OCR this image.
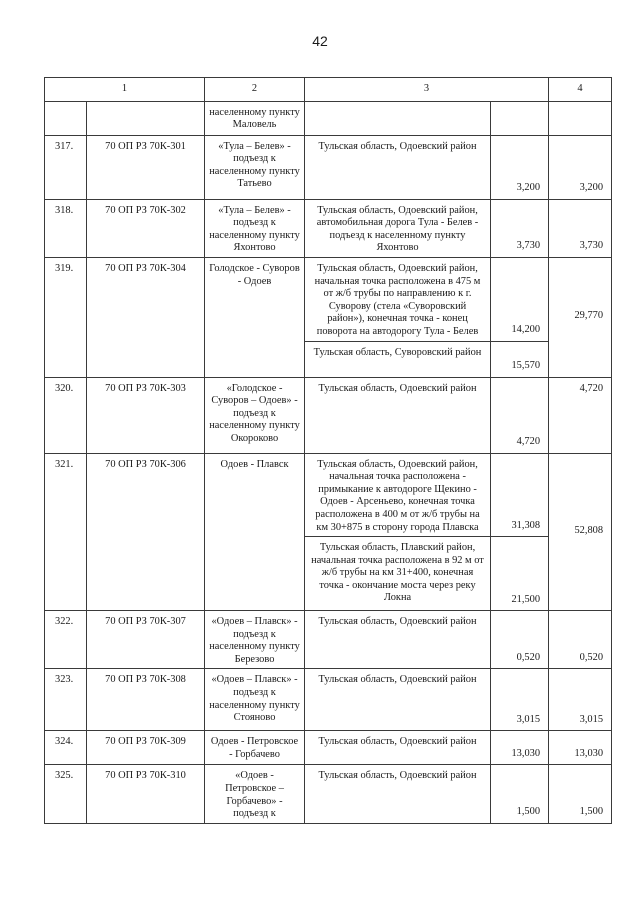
42
1		2	3		4
		населенному пункту Маловель			
317.	70 ОП РЗ 70К-301	«Тула – Белев» - подъезд к населенному пункту Татьево	Тульская область, Одоевский район	3,200	3,200
318.	70 ОП РЗ 70К-302	«Тула – Белев» - подъезд к населенному пункту Яхонтово	Тульская область, Одоевский район, автомобильная дорога Тула - Белев - подъезд к населенному пункту Яхонтово	3,730	3,730
319.	70 ОП РЗ 70К-304	Голодское - Суворов - Одоев	Тульская область, Одоевский район, начальная точка расположена в 475 м от ж/б трубы по направлению к г. Суворову (стела «Суворовский район»), конечная точка - конец поворота на автодорогу Тула - Белев	14,200	29,770
			Тульская область, Суворовский район	15,570	
320.	70 ОП РЗ 70К-303	«Голодское - Суворов – Одоев» - подъезд к населенному пункту Окороково	Тульская область, Одоевский район	4,720	4,720
321.	70 ОП РЗ 70К-306	Одоев - Плавск	Тульская область, Одоевский район, начальная точка расположена - примыкание к автодороге Щекино - Одоев - Арсеньево, конечная точка расположена в 400 м от ж/б трубы на км 30+875 в сторону города Плавска	31,308	52,808
			Тульская область, Плавский район, начальная точка расположена в 92 м от ж/б трубы на км 31+400, конечная точка - окончание моста через реку Локна	21,500	
322.	70 ОП РЗ 70К-307	«Одоев – Плавск» - подъезд к населенному пункту Березово	Тульская область, Одоевский район	0,520	0,520
323.	70 ОП РЗ 70К-308	«Одоев – Плавск» - подъезд к населенному пункту Стояново	Тульская область, Одоевский район	3,015	3,015
324.	70 ОП РЗ 70К-309	Одоев - Петровское - Горбачево	Тульская область, Одоевский район	13,030	13,030
325.	70 ОП РЗ 70К-310	«Одоев - Петровское – Горбачево» - подъезд к	Тульская область, Одоевский район	1,500	1,500
